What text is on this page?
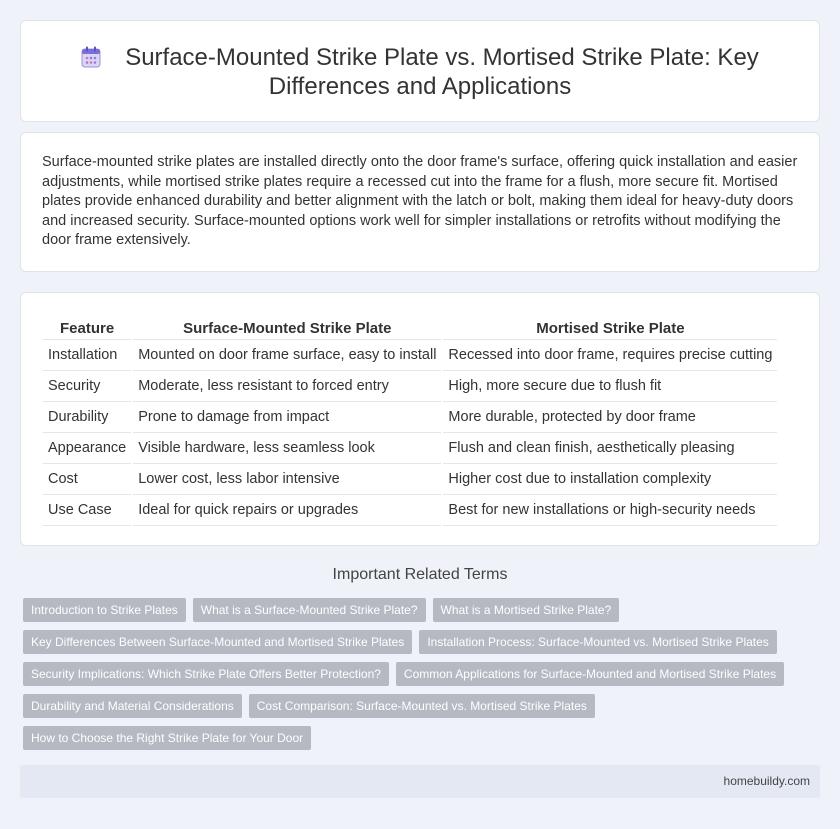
Surface-Mounted Strike Plate vs. Mortised Strike Plate: Key
Differences and Applications
Surface-mounted strike plates are installed directly onto the door frame's surface, offering quick installation and easier adjustments, while mortised strike plates require a recessed cut into the frame for a flush, more secure fit. Mortised plates provide enhanced durability and better alignment with the latch or bolt, making them ideal for heavy-duty doors and increased security. Surface-mounted options work well for simpler installations or retrofits without modifying the door frame extensively.
Feature	Surface-Mounted Strike Plate	Mortised Strike Plate
Installation	Mounted on door frame surface, easy to install	Recessed into door frame, requires precise cutting
Security	Moderate, less resistant to forced entry	High, more secure due to flush fit
Durability	Prone to damage from impact	More durable, protected by door frame
Appearance	Visible hardware, less seamless look	Flush and clean finish, aesthetically pleasing
Cost	Lower cost, less labor intensive	Higher cost due to installation complexity
Use Case	Ideal for quick repairs or upgrades	Best for new installations or high-security needs
Important Related Terms
Introduction to Strike Plates	What is a Surface-Mounted Strike Plate?	What is a Mortised Strike Plate?
Key Differences Between Surface-Mounted and Mortised Strike Plates	Installation Process: Surface-Mounted vs. Mortised Strike Plates
Security Implications: Which Strike Plate Offers Better Protection?	Common Applications for Surface-Mounted and Mortised Strike Plates
Durability and Material Considerations	Cost Comparison: Surface-Mounted vs. Mortised Strike Plates
How to Choose the Right Strike Plate for Your Door
homebuildy.com
